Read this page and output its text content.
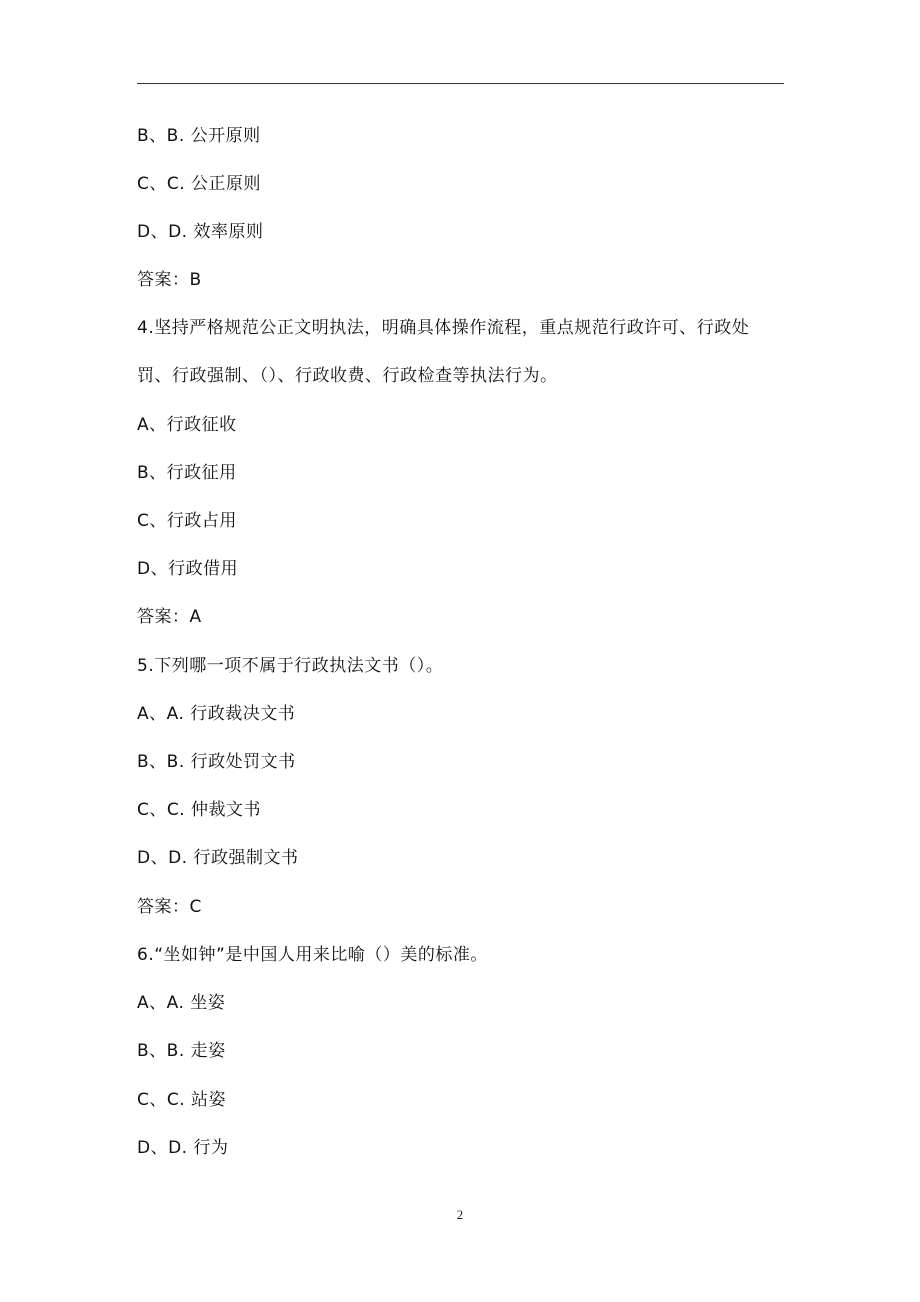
B、B. 公开原则
C、C. 公正原则
D、D. 效率原则
答案：B
4.坚持严格规范公正文明执法，明确具体操作流程，重点规范行政许可、行政处
罚、行政强制、（）、行政收费、行政检查等执法行为。
A、行政征收
B、行政征用
C、行政占用
D、行政借用
答案：A
5.下列哪一项不属于行政执法文书（）。
A、A. 行政裁决文书
B、B. 行政处罚文书
C、C. 仲裁文书
D、D. 行政强制文书
答案：C
6.“坐如钟”是中国人用来比喻（）美的标准。
A、A. 坐姿
B、B. 走姿
C、C. 站姿
D、D. 行为
2
